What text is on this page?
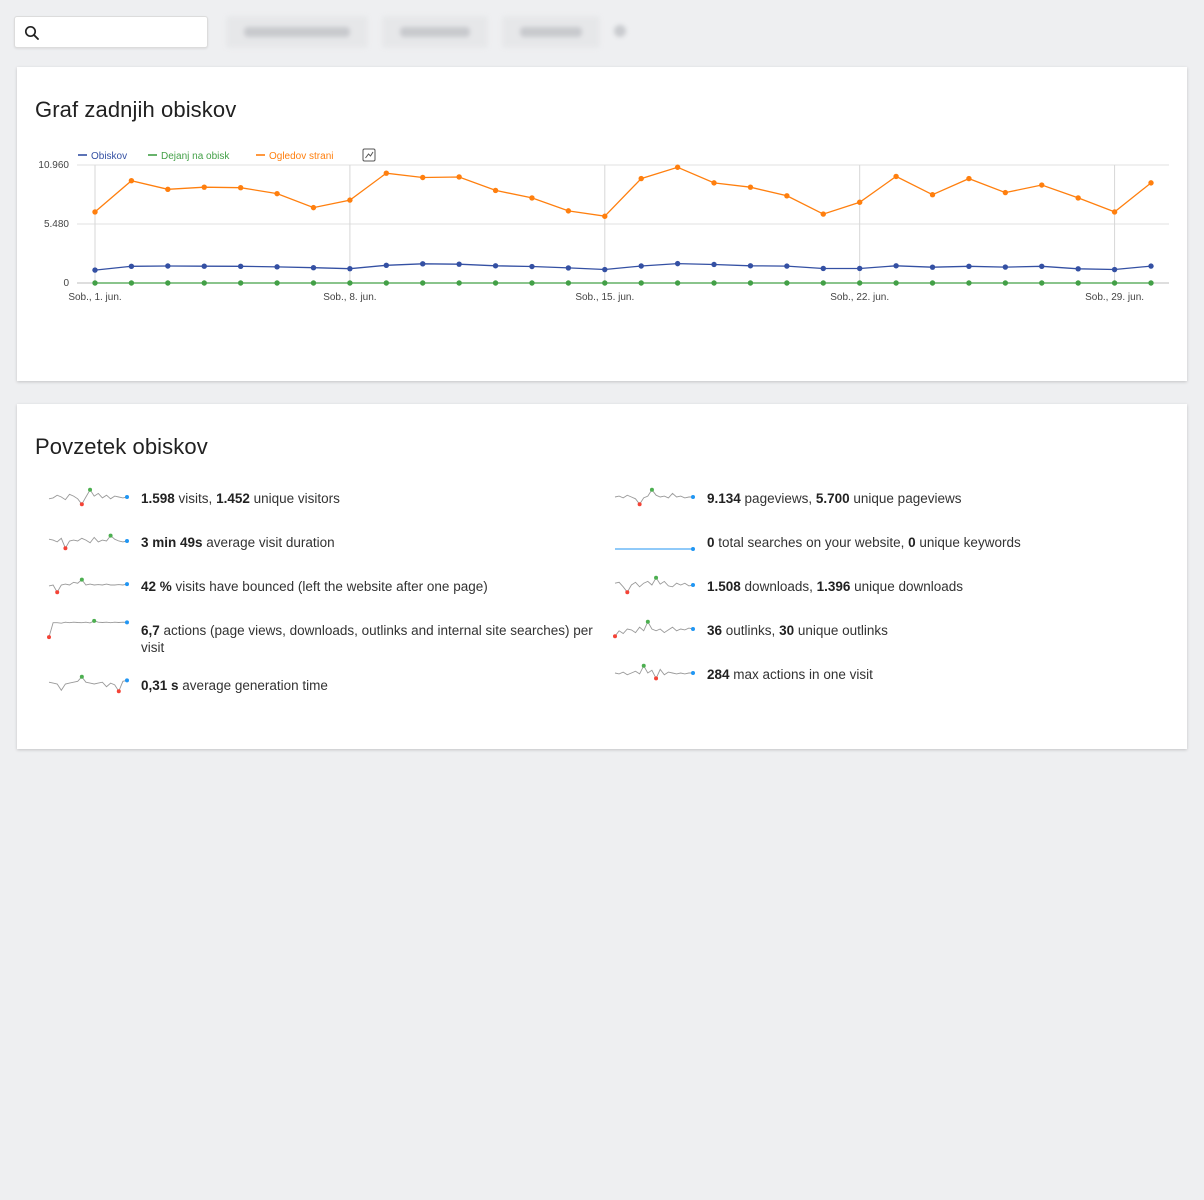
Graf zadnjih obiskov
Obiskov	Dejanj na obisk	Ogledov strani
0
5.480
10.960
Sob., 1. jun.	Sob., 8. jun.	Sob., 15. jun.	Sob., 22. jun.	Sob., 29. jun.
Povzetek obiskov
1.598 visits, 1.452 unique visitors
3 min 49s average visit duration
42 % visits have bounced (left the website after one page)
6,7 actions (page views, downloads, outlinks and internal site searches) per visit
0,31 s average generation time
9.134 pageviews, 5.700 unique pageviews
0 total searches on your website, 0 unique keywords
1.508 downloads, 1.396 unique downloads
36 outlinks, 30 unique outlinks
284 max actions in one visit
